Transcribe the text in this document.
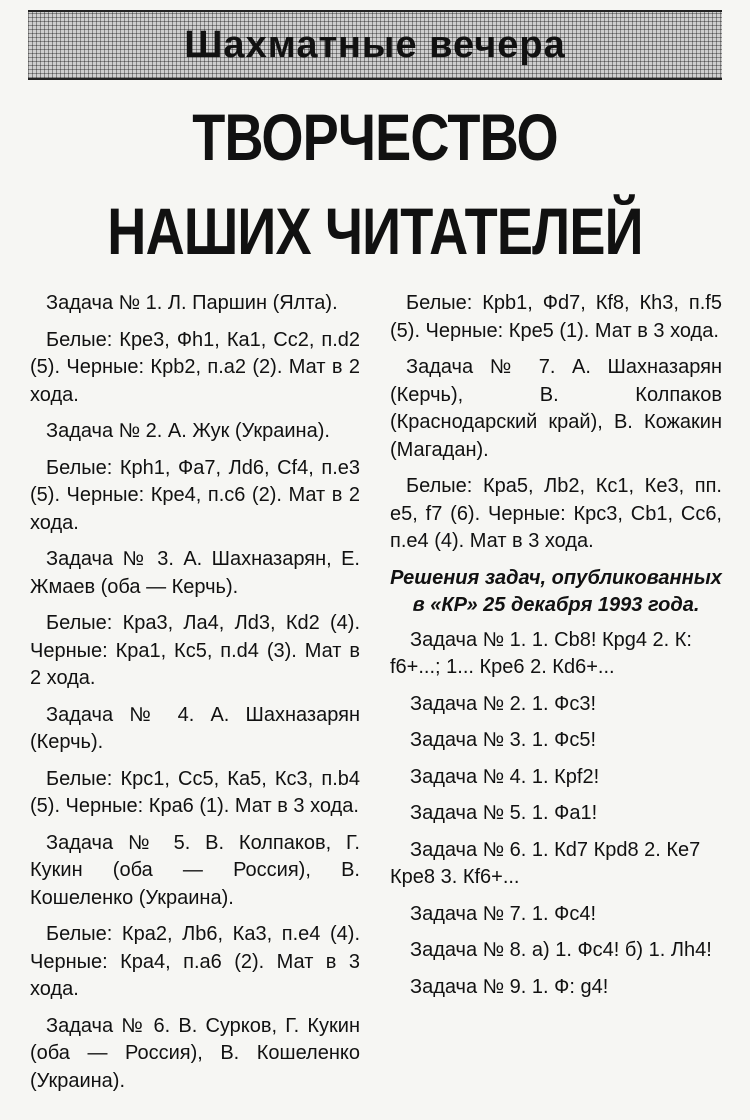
Шахматные вечера
ТВОРЧЕСТВО
НАШИХ ЧИТАТЕЛЕЙ

Задача № 1. Л. Паршин (Ялта).

Белые: Крe3, Фh1, Кa1, Сc2, п.d2 (5). Черные: Крb2, п.a2 (2). Мат в 2 хода.

Задача № 2. А. Жук (Украина).

Белые: Крh1, Фa7, Лd6, Сf4, п.e3 (5). Черные: Крe4, п.c6 (2). Мат в 2 хода.

Задача № 3. А. Шахназарян, Е. Жмаев (оба — Керчь).

Белые: Крa3, Лa4, Лd3, Кd2 (4). Черные: Крa1, Кc5, п.d4 (3). Мат в 2 хода.

Задача № 4. А. Шахназарян (Керчь).

Белые: Крc1, Сc5, Кa5, Кc3, п.b4 (5). Черные: Крa6 (1). Мат в 3 хода.

Задача № 5. В. Колпаков, Г. Кукин (оба — Россия), В. Кошеленко (Украина).

Белые: Крa2, Лb6, Кa3, п.e4 (4). Черные: Крa4, п.a6 (2). Мат в 3 хода.

Задача № 6. В. Сурков, Г. Кукин (оба — Россия), В. Кошеленко (Украина).

Белые: Крb1, Фd7, Кf8, Кh3, п.f5 (5). Черные: Крe5 (1). Мат в 3 хода.

Задача № 7. А. Шахназарян (Керчь), В. Колпаков (Краснодарский край), В. Кожакин (Магадан).

Белые: Крa5, Лb2, Кc1, Кe3, пп. e5, f7 (6). Черные: Крc3, Сb1, Сc6, п.e4 (4). Мат в 3 хода.

Решения задач, опубликованных в «КР» 25 декабря 1993 года.

Задача № 1. 1. Сb8! Крg4 2. К: f6+...; 1... Крe6 2. Кd6+...

Задача № 2. 1. Фc3!

Задача № 3. 1. Фc5!

Задача № 4. 1. Крf2!

Задача № 5. 1. Фa1!

Задача № 6. 1. Кd7 Крd8 2. Кe7 Крe8 3. Кf6+...

Задача № 7. 1. Фc4!

Задача № 8. а) 1. Фc4! б) 1. Лh4!

Задача № 9. 1. Ф: g4!
